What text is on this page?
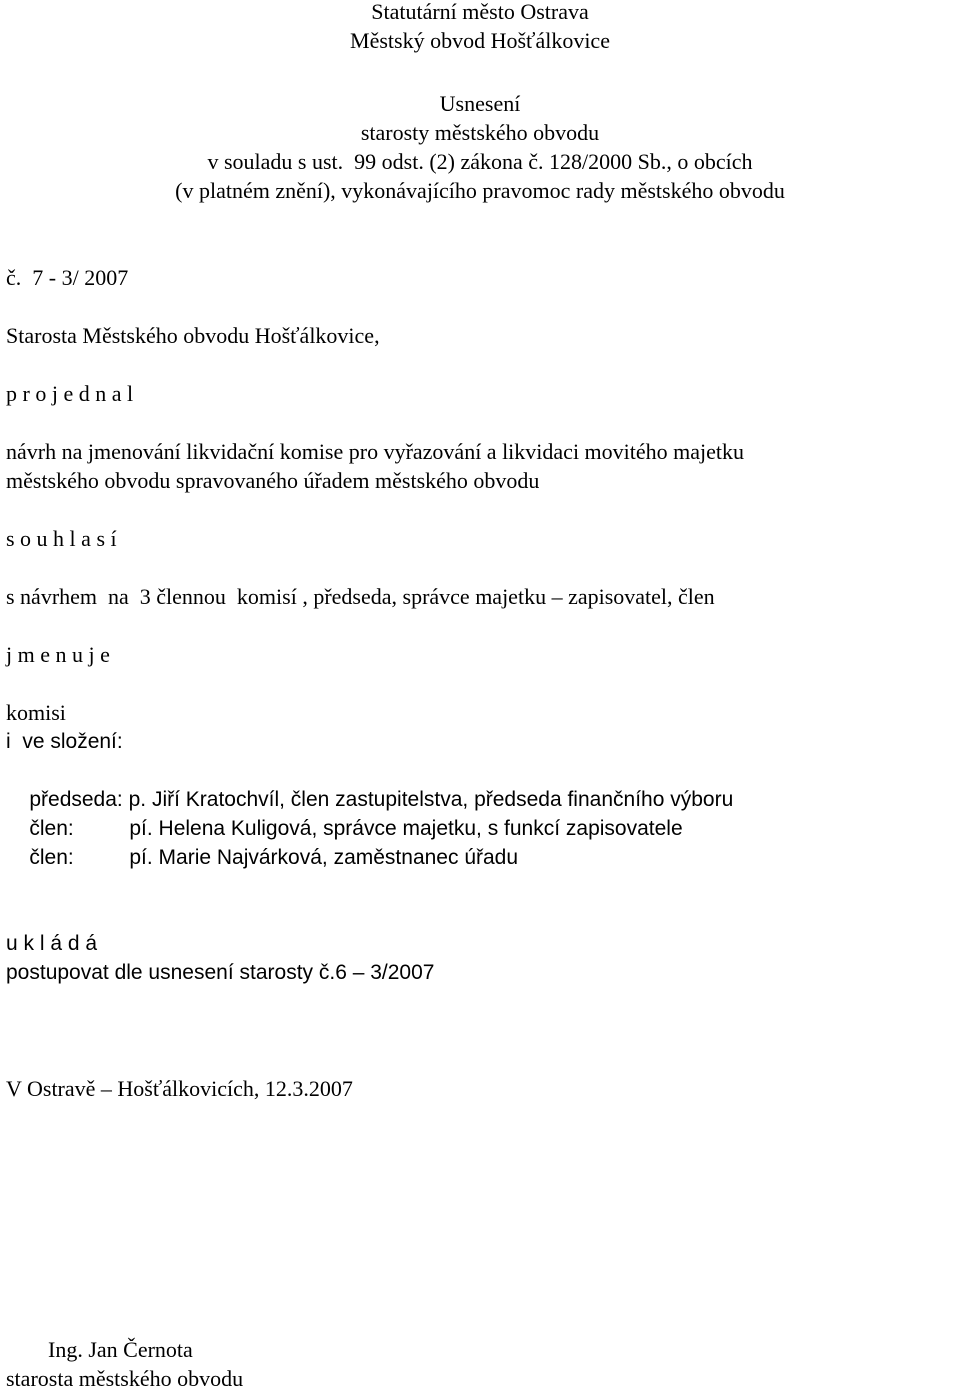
Statutární město Ostrava
Městský obvod Hošťálkovice
Usnesení
starosty městského obvodu
v souladu s ust.  99 odst. (2) zákona č. 128/2000 Sb., o obcích
(v platném znění), vykonávajícího pravomoc rady městského obvodu
č.  7 - 3/ 2007
Starosta Městského obvodu Hošťálkovice,
p r o j e d n a l
návrh na jmenování likvidační komise pro vyřazování a likvidaci movitého majetku
městského obvodu spravovaného úřadem městského obvodu
s o u h l a s í
s návrhem  na  3 člennou  komisí , předseda, správce majetku – zapisovatel, člen
j m e n u j e
komisi
i  ve složení:

předseda: p. Jiří Kratochvíl, člen zastupitelstva, předseda finančního výboru

člen:	pí. Helena Kuligová, správce majetku, s funkcí zapisovatele

člen:	pí. Marie Najvárková, zaměstnanec úřadu

u k l á d á
postupovat dle usnesení starosty č.6 – 3/2007
V Ostravě – Hošťálkovicích, 12.3.2007
Ing. Jan Černota
starosta městského obvodu
